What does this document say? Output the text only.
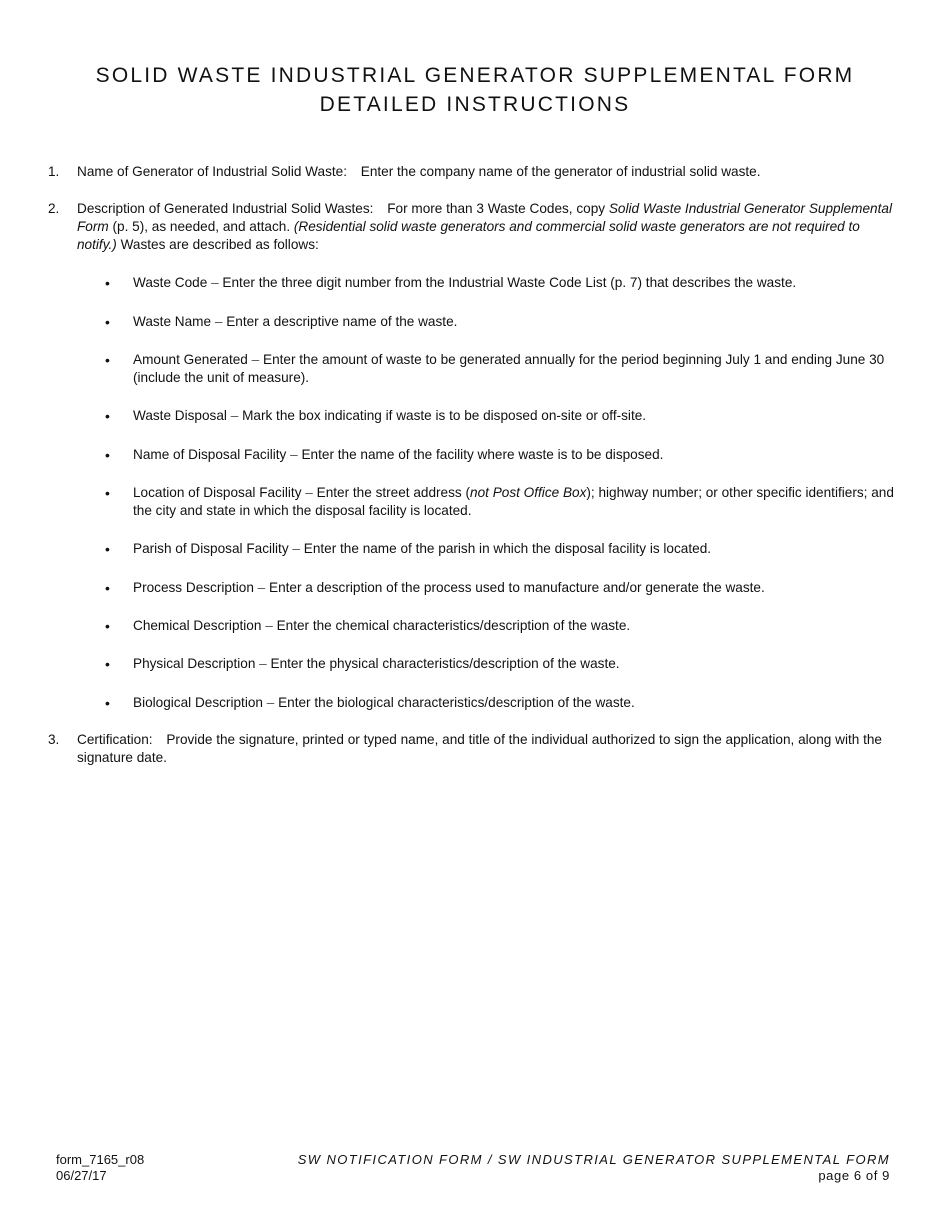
SOLID WASTE INDUSTRIAL GENERATOR SUPPLEMENTAL FORM
DETAILED INSTRUCTIONS
1. Name of Generator of Industrial Solid Waste: Enter the company name of the generator of industrial solid waste.
2. Description of Generated Industrial Solid Wastes: For more than 3 Waste Codes, copy Solid Waste Industrial Generator Supplemental Form (p. 5), as needed, and attach. (Residential solid waste generators and commercial solid waste generators are not required to notify.) Wastes are described as follows:
• Waste Code – Enter the three digit number from the Industrial Waste Code List (p. 7) that describes the waste.
• Waste Name – Enter a descriptive name of the waste.
• Amount Generated – Enter the amount of waste to be generated annually for the period beginning July 1 and ending June 30 (include the unit of measure).
• Waste Disposal – Mark the box indicating if waste is to be disposed on-site or off-site.
• Name of Disposal Facility – Enter the name of the facility where waste is to be disposed.
• Location of Disposal Facility – Enter the street address (not Post Office Box); highway number; or other specific identifiers; and the city and state in which the disposal facility is located.
• Parish of Disposal Facility – Enter the name of the parish in which the disposal facility is located.
• Process Description – Enter a description of the process used to manufacture and/or generate the waste.
• Chemical Description – Enter the chemical characteristics/description of the waste.
• Physical Description – Enter the physical characteristics/description of the waste.
• Biological Description – Enter the biological characteristics/description of the waste.
3. Certification: Provide the signature, printed or typed name, and title of the individual authorized to sign the application, along with the signature date.
form_7165_r08
06/27/17
SW NOTIFICATION FORM / SW INDUSTRIAL GENERATOR SUPPLEMENTAL FORM
page 6 of 9
